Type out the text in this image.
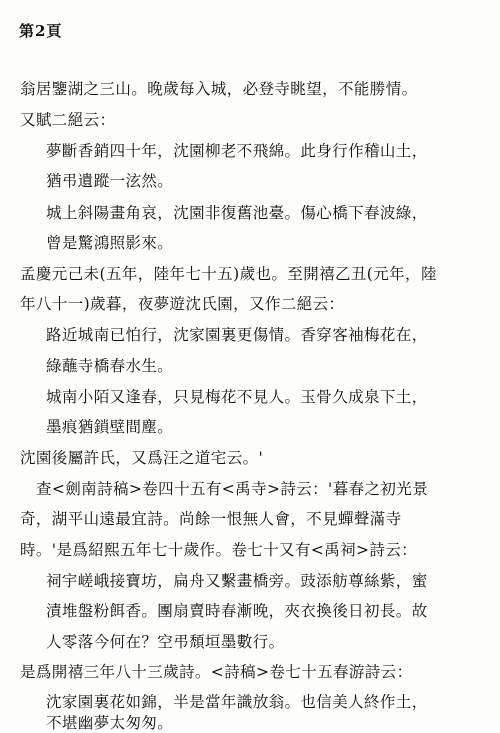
第2頁
翁居鑒湖之三山。晚歲每入城，必登寺眺望，不能勝情。
又賦二絕云：
夢斷香銷四十年，沈園柳老不飛綿。此身行作稽山土，
猶弔遺蹤一泫然。
城上斜陽畫角哀，沈園非復舊池臺。傷心橋下春波綠，
曾是驚鴻照影來。
孟慶元己未(五年，陸年七十五)歲也。至開禧乙丑(元年，陸
年八十一)歲暮，夜夢遊沈氏園，又作二絕云：
路近城南已怕行，沈家園裏更傷情。香穿客袖梅花在，
綠蘸寺橋春水生。
城南小陌又逢春，只見梅花不見人。玉骨久成泉下土，
墨痕猶鎖壁間塵。
沈園後屬許氏，又爲汪之道宅云。'
查<劍南詩稿>卷四十五有<禹寺>詩云：'暮春之初光景
奇，湖平山遠最宜詩。尚餘一恨無人會，不見蟬聲滿寺
時。'是爲紹熙五年七十歲作。卷七十又有<禹祠>詩云：
祠宇嵯峨接寶坊，扁舟又繫畫橋旁。豉添舫尊絲紫，蜜
漬堆盤粉餌香。團扇賣時春漸晚，夾衣換後日初長。故
人零落今何在？空弔頹垣墨數行。
是爲開禧三年八十三歲詩。<詩稿>卷七十五春游詩云：
沈家園裏花如錦，半是當年識放翁。也信美人終作土，
不堪幽夢太匆匆。
